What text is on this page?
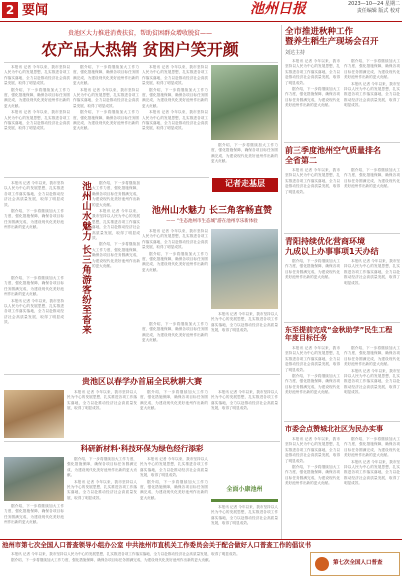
2 要闻	池州日报	2023—10—24 星期二
责任编辑 版式 校对
贵池区大力推进消费扶贫，帮助贫困群众增收脱贫——
农产品大热销 贫困户笑开颜

本报讯 记者 今年以来，我市坚持以人民为中心的发展思想，扎实推进各项工作落实落地，全力以赴推动经济社会高质量发展，取得了明显成效。

据介绍，下一步将继续加大工作力度，强化措施保障，确保各项目标任务圆满完成，为建设现代化美好池州作出新的更大贡献。

本报讯 记者 今年以来，我市坚持以人民为中心的发展思想，扎实推进各项工作落实落地，全力以赴推动经济社会高质量发展，取得了明显成效。

据介绍，下一步将继续加大工作力度，强化措施保障，确保各项目标任务圆满完成，为建设现代化美好池州作出新的更大贡献。

本报讯 记者 今年以来，我市坚持以人民为中心的发展思想，扎实推进各项工作落实落地，全力以赴推动经济社会高质量发展，取得了明显成效。

据介绍，下一步将继续加大工作力度，强化措施保障，确保各项目标任务圆满完成，为建设现代化美好池州作出新的更大贡献。

本报讯 记者 今年以来，我市坚持以人民为中心的发展思想，扎实推进各项工作落实落地，全力以赴推动经济社会高质量发展，取得了明显成效。

据介绍，下一步将继续加大工作力度，强化措施保障，确保各项目标任务圆满完成，为建设现代化美好池州作出新的更大贡献。

本报讯 记者 今年以来，我市坚持以人民为中心的发展思想，扎实推进各项工作落实落地，全力以赴推动经济社会高质量发展，取得了明显成效。

据介绍，下一步将继续加大工作力度，强化措施保障，确保各项目标任务圆满完成，为建设现代化美好池州作出新的更大贡献。

全市推进秋种工作
暨养生稻生产现场会召开
刘达主持

本报讯 记者 今年以来，我市坚持以人民为中心的发展思想，扎实推进各项工作落实落地，全力以赴推动经济社会高质量发展，取得了明显成效。

据介绍，下一步将继续加大工作力度，强化措施保障，确保各项目标任务圆满完成，为建设现代化美好池州作出新的更大贡献。

据介绍，下一步将继续加大工作力度，强化措施保障，确保各项目标任务圆满完成，为建设现代化美好池州作出新的更大贡献。

本报讯 记者 今年以来，我市坚持以人民为中心的发展思想，扎实推进各项工作落实落地，全力以赴推动经济社会高质量发展，取得了明显成效。

前三季度池州空气质量排名
全省第二

本报讯 记者 今年以来，我市坚持以人民为中心的发展思想，扎实推进各项工作落实落地，全力以赴推动经济社会高质量发展，取得了明显成效。

据介绍，下一步将继续加大工作力度，强化措施保障，确保各项目标任务圆满完成，为建设现代化美好池州作出新的更大贡献。

青阳持续优化营商环境
九成以上办事事项1天办结

据介绍，下一步将继续加大工作力度，强化措施保障，确保各项目标任务圆满完成，为建设现代化美好池州作出新的更大贡献。

本报讯 记者 今年以来，我市坚持以人民为中心的发展思想，扎实推进各项工作落实落地，全力以赴推动经济社会高质量发展，取得了明显成效。

东至提前完成“金秋助学”民生工程
年度目标任务

本报讯 记者 今年以来，我市坚持以人民为中心的发展思想，扎实推进各项工作落实落地，全力以赴推动经济社会高质量发展，取得了明显成效。

据介绍，下一步将继续加大工作力度，强化措施保障，确保各项目标任务圆满完成，为建设现代化美好池州作出新的更大贡献。

据介绍，下一步将继续加大工作力度，强化措施保障，确保各项目标任务圆满完成，为建设现代化美好池州作出新的更大贡献。

本报讯 记者 今年以来，我市坚持以人民为中心的发展思想，扎实推进各项工作落实落地，全力以赴推动经济社会高质量发展，取得了明显成效。

市委会点赞城北社区为民办实事

本报讯 记者 今年以来，我市坚持以人民为中心的发展思想，扎实推进各项工作落实落地，全力以赴推动经济社会高质量发展，取得了明显成效。

据介绍，下一步将继续加大工作力度，强化措施保障，确保各项目标任务圆满完成，为建设现代化美好池州作出新的更大贡献。

据介绍，下一步将继续加大工作力度，强化措施保障，确保各项目标任务圆满完成，为建设现代化美好池州作出新的更大贡献。

本报讯 记者 今年以来，我市坚持以人民为中心的发展思想，扎实推进各项工作落实落地，全力以赴推动经济社会高质量发展，取得了明显成效。

记者走基层

本报讯 记者 今年以来，我市坚持以人民为中心的发展思想，扎实推进各项工作落实落地，全力以赴推动经济社会高质量发展，取得了明显成效。

据介绍，下一步将继续加大工作力度，强化措施保障，确保各项目标任务圆满完成，为建设现代化美好池州作出新的更大贡献。	池州山水魅力 长三角游客纷至沓来	据介绍，下一步将继续加大工作力度，强化措施保障，确保各项目标任务圆满完成，为建设现代化美好池州作出新的更大贡献。

本报讯 记者 今年以来，我市坚持以人民为中心的发展思想，扎实推进各项工作落实落地，全力以赴推动经济社会高质量发展，取得了明显成效。

据介绍，下一步将继续加大工作力度，强化措施保障，确保各项目标任务圆满完成，为建设现代化美好池州作出新的更大贡献。

据介绍，下一步将继续加大工作力度，强化措施保障，确保各项目标任务圆满完成，为建设现代化美好池州作出新的更大贡献。

本报讯 记者 今年以来，我市坚持以人民为中心的发展思想，扎实推进各项工作落实落地，全力以赴推动经济社会高质量发展，取得了明显成效。

池州山水魅力 长三角客畅直赞
—— “生态池州市生态城”游在池州享乐新体验

本报讯 记者 今年以来，我市坚持以人民为中心的发展思想，扎实推进各项工作落实落地，全力以赴推动经济社会高质量发展，取得了明显成效。

据介绍，下一步将继续加大工作力度，强化措施保障，确保各项目标任务圆满完成，为建设现代化美好池州作出新的更大贡献。

据介绍，下一步将继续加大工作力度，强化措施保障，确保各项目标任务圆满完成，为建设现代化美好池州作出新的更大贡献。

本报讯 记者 今年以来，我市坚持以人民为中心的发展思想，扎实推进各项工作落实落地，全力以赴推动经济社会高质量发展，取得了明显成效。

贵池区以春学办首届全民秋耕大赛

本报讯 记者 今年以来，我市坚持以人民为中心的发展思想，扎实推进各项工作落实落地，全力以赴推动经济社会高质量发展，取得了明显成效。

据介绍，下一步将继续加大工作力度，强化措施保障，确保各项目标任务圆满完成，为建设现代化美好池州作出新的更大贡献。

本报讯 记者 今年以来，我市坚持以人民为中心的发展思想，扎实推进各项工作落实落地，全力以赴推动经济社会高质量发展，取得了明显成效。

科研新材料·科技环保为绿色经行添彩

据介绍，下一步将继续加大工作力度，强化措施保障，确保各项目标任务圆满完成，为建设现代化美好池州作出新的更大贡献。

本报讯 记者 今年以来，我市坚持以人民为中心的发展思想，扎实推进各项工作落实落地，全力以赴推动经济社会高质量发展，取得了明显成效。

本报讯 记者 今年以来，我市坚持以人民为中心的发展思想，扎实推进各项工作落实落地，全力以赴推动经济社会高质量发展，取得了明显成效。

据介绍，下一步将继续加大工作力度，强化措施保障，确保各项目标任务圆满完成，为建设现代化美好池州作出新的更大贡献。

全面小康池州

据介绍，下一步将继续加大工作力度，强化措施保障，确保各项目标任务圆满完成，为建设现代化美好池州作出新的更大贡献。

本报讯 记者 今年以来，我市坚持以人民为中心的发展思想，扎实推进各项工作落实落地，全力以赴推动经济社会高质量发展，取得了明显成效。

池州市第七次全国人口普查领导小组办公室 中共池州市直机关工作委员会关于配合做好人口普查工作的倡议书

本报讯 记者 今年以来，我市坚持以人民为中心的发展思想，扎实推进各项工作落实落地，全力以赴推动经济社会高质量发展，取得了明显成效。

据介绍，下一步将继续加大工作力度，强化措施保障，确保各项目标任务圆满完成，为建设现代化美好池州作出新的更大贡献。	第七次全国人口普查
